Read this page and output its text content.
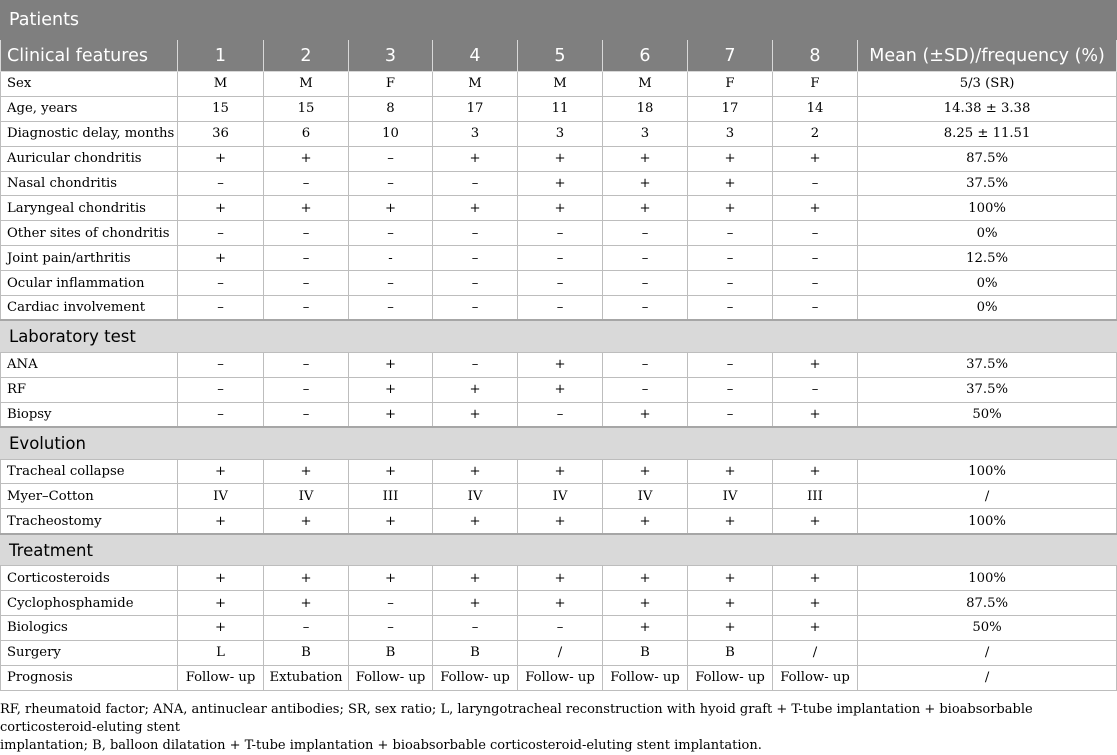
Patients									
Clinical features	1	2	3	4	5	6	7	8	Mean (±SD)/frequency (%)
Sex	M	M	F	M	M	M	F	F	5/3 (SR)
Age, years	15	15	8	17	11	18	17	14	14.38 ± 3.38
Diagnostic delay, months	36	6	10	3	3	3	3	2	8.25 ± 11.51
Auricular chondritis	+	+	–	+	+	+	+	+	87.5%
Nasal chondritis	–	–	–	–	+	+	+	–	37.5%
Laryngeal chondritis	+	+	+	+	+	+	+	+	100%
Other sites of chondritis	–	–	–	–	–	–	–	–	0%
Joint pain/arthritis	+	–	-	–	–	–	–	–	12.5%
Ocular inflammation	–	–	–	–	–	–	–	–	0%
Cardiac involvement	–	–	–	–	–	–	–	–	0%
Laboratory test									
ANA	–	–	+	–	+	–	–	+	37.5%
RF	–	–	+	+	+	–	–	–	37.5%
Biopsy	–	–	+	+	–	+	–	+	50%
Evolution									
Tracheal collapse	+	+	+	+	+	+	+	+	100%
Myer–Cotton	IV	IV	III	IV	IV	IV	IV	III	/
Tracheostomy	+	+	+	+	+	+	+	+	100%
Treatment									
Corticosteroids	+	+	+	+	+	+	+	+	100%
Cyclophosphamide	+	+	–	+	+	+	+	+	87.5%
Biologics	+	–	–	–	–	+	+	+	50%
Surgery	L	B	B	B	/	B	B	/	/
Prognosis	Follow- up	Extubation	Follow- up	Follow- up	Follow- up	Follow- up	Follow- up	Follow- up	/
RF, rheumatoid factor; ANA, antinuclear antibodies; SR, sex ratio; L, laryngotracheal reconstruction with hyoid graft + T-tube implantation + bioabsorbable corticosteroid-eluting stent
implantation; B, balloon dilatation + T-tube implantation + bioabsorbable corticosteroid-eluting stent implantation.
